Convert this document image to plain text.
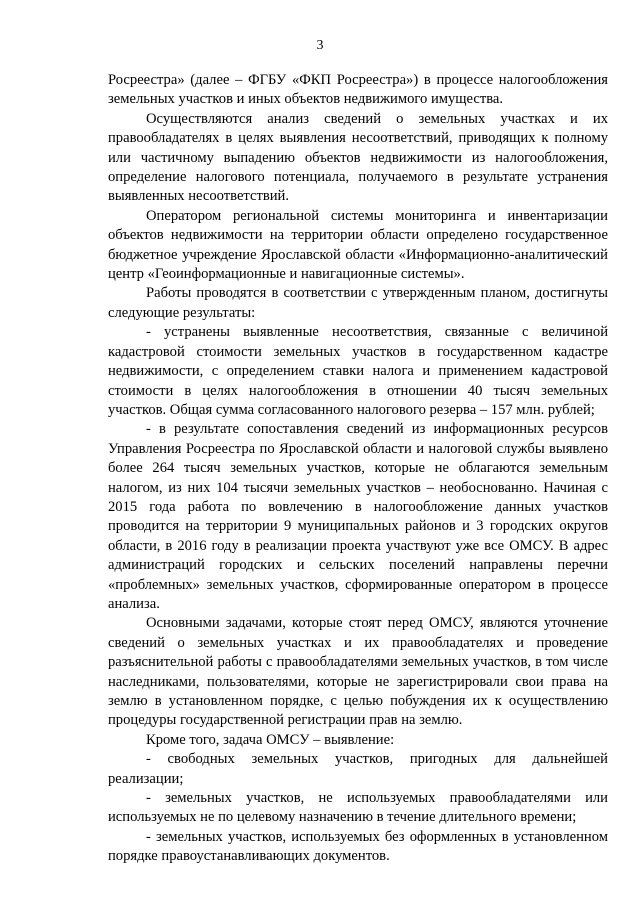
3

Росреестра» (далее – ФГБУ «ФКП Росреестра») в процессе налогообложения земельных участков и иных объектов недвижимого имущества.

Осуществляются анализ сведений о земельных участках и их правообладателях в целях выявления несоответствий, приводящих к полному или частичному выпадению объектов недвижимости из налогообложения, определение налогового потенциала, получаемого в результате устранения выявленных несоответствий.

Оператором региональной системы мониторинга и инвентаризации объектов недвижимости на территории области определено государственное бюджетное учреждение Ярославской области «Информационно-аналитический центр «Геоинформационные и навигационные системы».

Работы проводятся в соответствии с утвержденным планом, достигнуты следующие результаты:

- устранены выявленные несоответствия, связанные с величиной кадастровой стоимости земельных участков в государственном кадастре недвижимости, с определением ставки налога и применением кадастровой стоимости в целях налогообложения в отношении 40 тысяч земельных участков. Общая сумма согласованного налогового резерва – 157 млн. рублей;

- в результате сопоставления сведений из информационных ресурсов Управления Росреестра по Ярославской области и налоговой службы выявлено более 264 тысяч земельных участков, которые не облагаются земельным налогом, из них 104 тысячи земельных участков – необоснованно. Начиная с 2015 года работа по вовлечению в налогообложение данных участков проводится на территории 9 муниципальных районов и 3 городских округов области, в 2016 году в реализации проекта участвуют уже все ОМСУ. В адрес администраций городских и сельских поселений направлены перечни «проблемных» земельных участков, сформированные оператором в процессе анализа.

Основными задачами, которые стоят перед ОМСУ, являются уточнение сведений о земельных участках и их правообладателях и проведение разъяснительной работы с правообладателями земельных участков, в том числе наследниками, пользователями, которые не зарегистрировали свои права на землю в установленном порядке, с целью побуждения их к осуществлению процедуры государственной регистрации прав на землю.

Кроме того, задача ОМСУ – выявление:

- свободных земельных участков, пригодных для дальнейшей реализации;

- земельных участков, не используемых правообладателями или используемых не по целевому назначению в течение длительного времени;

- земельных участков, используемых без оформленных в установленном порядке правоустанавливающих документов.
